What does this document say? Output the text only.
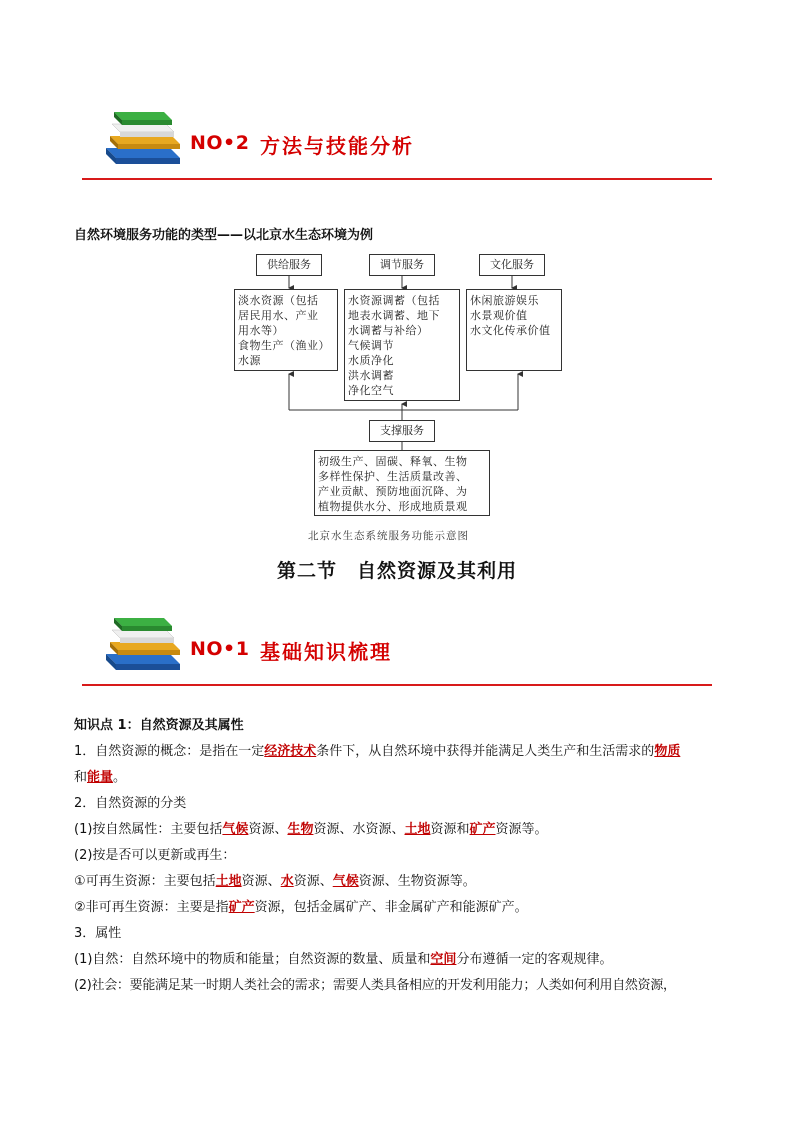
NO•2 方法与技能分析
自然环境服务功能的类型——以北京水生态环境为例
供给服务	调节服务	文化服务
淡水资源（包括
居民用水、产业
用水等）
食物生产（渔业）
水源
水资源调蓄（包括
地表水调蓄、地下
水调蓄与补给）
气候调节
水质净化
洪水调蓄
净化空气
休闲旅游娱乐
水景观价值
水文化传承价值
支撑服务
初级生产、固碳、释氧、生物
多样性保护、生活质量改善、
产业贡献、预防地面沉降、为
植物提供水分、形成地质景观
北京水生态系统服务功能示意图
第二节　自然资源及其利用
NO•1 基础知识梳理
知识点 1：自然资源及其属性
1．自然资源的概念：是指在一定经济技术条件下，从自然环境中获得并能满足人类生产和生活需求的物质
和能量。
2．自然资源的分类
(1)按自然属性：主要包括气候资源、生物资源、水资源、土地资源和矿产资源等。
(2)按是否可以更新或再生：
①可再生资源：主要包括土地资源、水资源、气候资源、生物资源等。
②非可再生资源：主要是指矿产资源，包括金属矿产、非金属矿产和能源矿产。
3．属性
(1)自然：自然环境中的物质和能量；自然资源的数量、质量和空间分布遵循一定的客观规律。
(2)社会：要能满足某一时期人类社会的需求；需要人类具备相应的开发利用能力；人类如何利用自然资源，
